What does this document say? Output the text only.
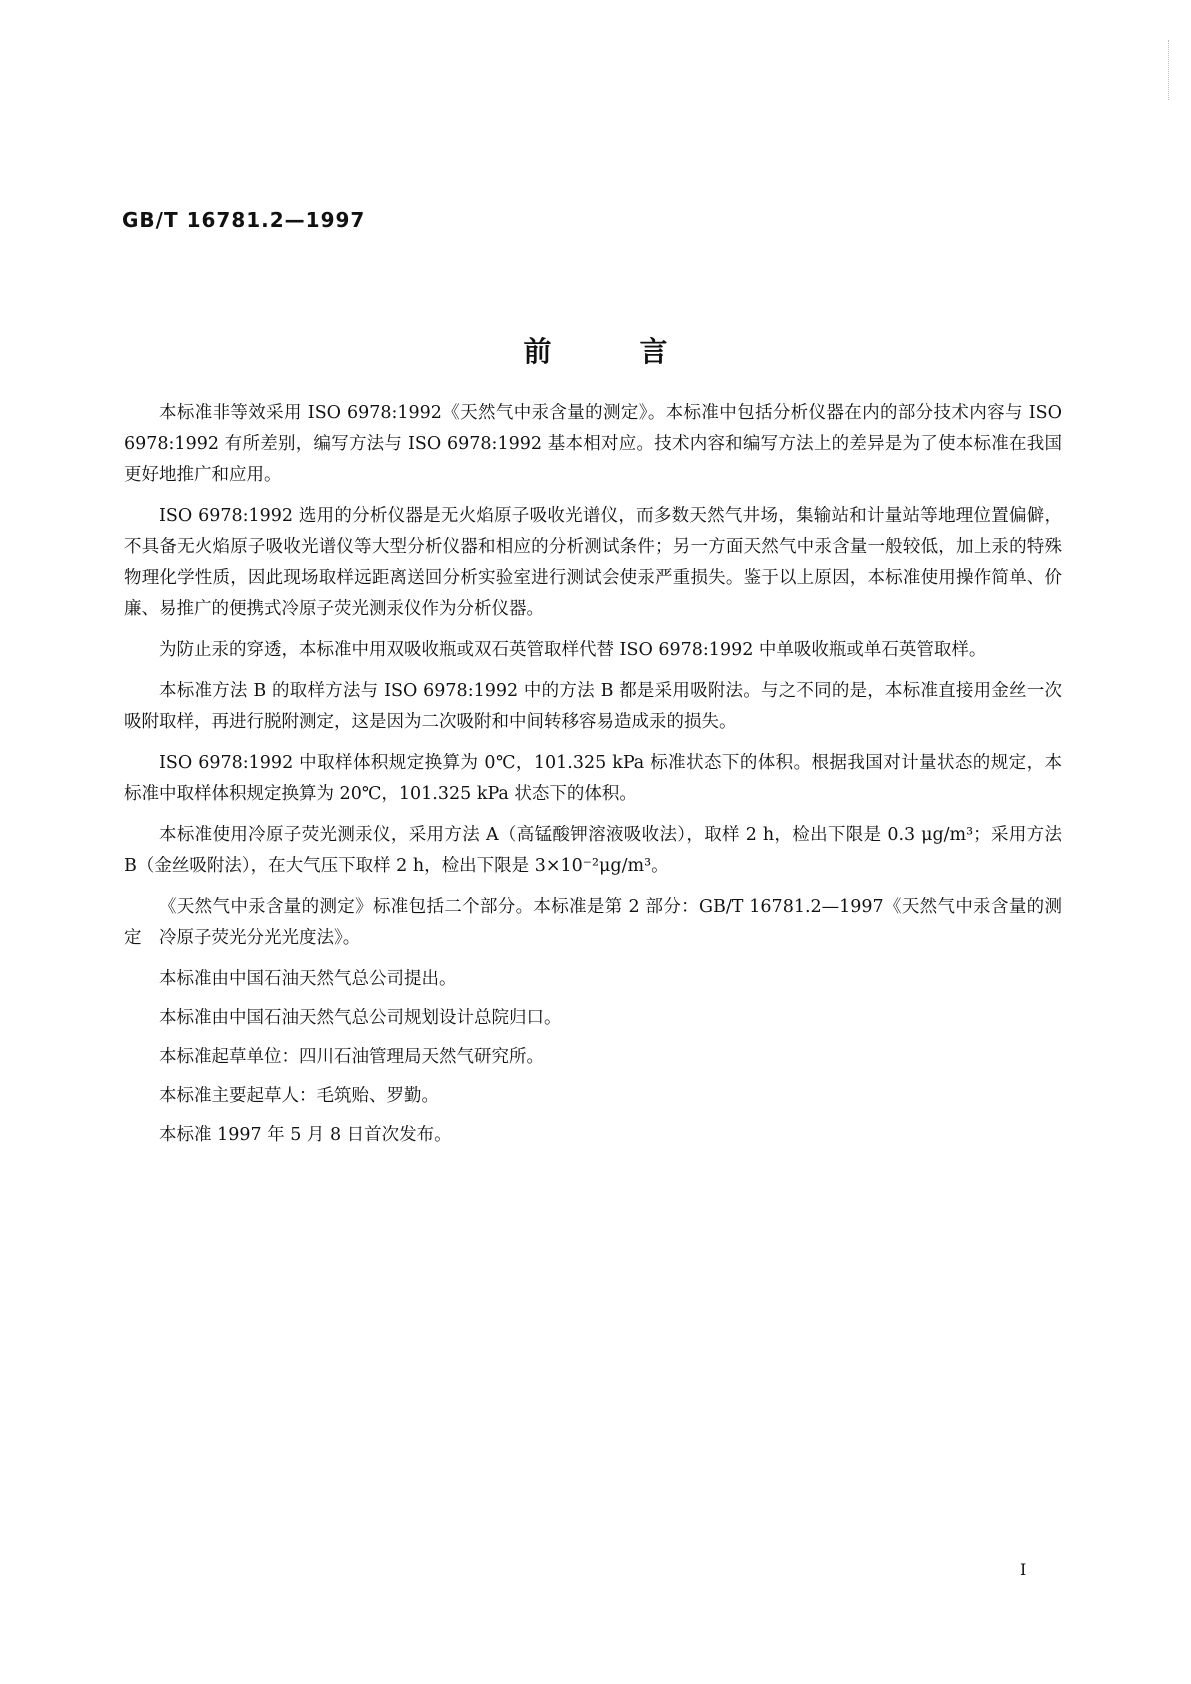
GB/T 16781.2—1997
前	言

本标准非等效采用 ISO 6978:1992《天然气中汞含量的测定》。本标准中包括分析仪器在内的部分技术内容与 ISO 6978:1992 有所差别，编写方法与 ISO 6978:1992 基本相对应。技术内容和编写方法上的差异是为了使本标准在我国更好地推广和应用。

ISO 6978:1992 选用的分析仪器是无火焰原子吸收光谱仪，而多数天然气井场，集输站和计量站等地理位置偏僻，不具备无火焰原子吸收光谱仪等大型分析仪器和相应的分析测试条件；另一方面天然气中汞含量一般较低，加上汞的特殊物理化学性质，因此现场取样远距离送回分析实验室进行测试会使汞严重损失。鉴于以上原因，本标准使用操作简单、价廉、易推广的便携式冷原子荧光测汞仪作为分析仪器。

为防止汞的穿透，本标准中用双吸收瓶或双石英管取样代替 ISO 6978:1992 中单吸收瓶或单石英管取样。

本标准方法 B 的取样方法与 ISO 6978:1992 中的方法 B 都是采用吸附法。与之不同的是，本标准直接用金丝一次吸附取样，再进行脱附测定，这是因为二次吸附和中间转移容易造成汞的损失。

ISO 6978:1992 中取样体积规定换算为 0℃，101.325 kPa 标准状态下的体积。根据我国对计量状态的规定，本标准中取样体积规定换算为 20℃，101.325 kPa 状态下的体积。

本标准使用冷原子荧光测汞仪，采用方法 A（高锰酸钾溶液吸收法），取样 2 h，检出下限是 0.3 μg/m³；采用方法 B（金丝吸附法），在大气压下取样 2 h，检出下限是 3×10⁻²μg/m³。

《天然气中汞含量的测定》标准包括二个部分。本标准是第 2 部分：GB/T 16781.2—1997《天然气中汞含量的测定　冷原子荧光分光光度法》。

本标准由中国石油天然气总公司提出。

本标准由中国石油天然气总公司规划设计总院归口。

本标准起草单位：四川石油管理局天然气研究所。

本标准主要起草人：毛筑贻、罗勤。

本标准 1997 年 5 月 8 日首次发布。

I
